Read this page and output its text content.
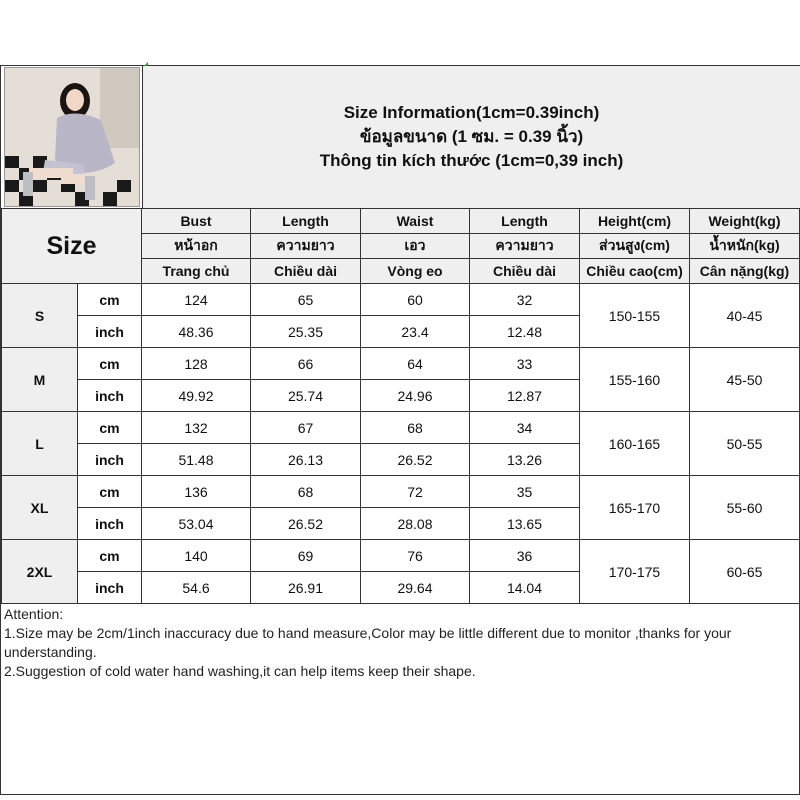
Size Information(1cm=0.39inch)
ข้อมูลขนาด (1 ซม. = 0.39 นิ้ว)
Thông tin kích thước (1cm=0,39 inch)
Size		Bust	Length	Waist	Length	Height(cm)	Weight(kg)
		หน้าอก	ความยาว	เอว	ความยาว	ส่วนสูง(cm)	น้ำหนัก(kg)
		Trang chủ	Chiều dài	Vòng eo	Chiều dài	Chiều cao(cm)	Cân nặng(kg)
S	cm	124	65	60	32	150-155	40-45
	inch	48.36	25.35	23.4	12.48		
M	cm	128	66	64	33	155-160	45-50
	inch	49.92	25.74	24.96	12.87		
L	cm	132	67	68	34	160-165	50-55
	inch	51.48	26.13	26.52	13.26		
XL	cm	136	68	72	35	165-170	55-60
	inch	53.04	26.52	28.08	13.65		
2XL	cm	140	69	76	36	170-175	60-65
	inch	54.6	26.91	29.64	14.04		
Attention:
1.Size may be 2cm/1inch inaccuracy due to hand measure,Color may be little different due to monitor ,thanks for your understanding.
2.Suggestion of cold water hand washing,it can help items keep their shape.
